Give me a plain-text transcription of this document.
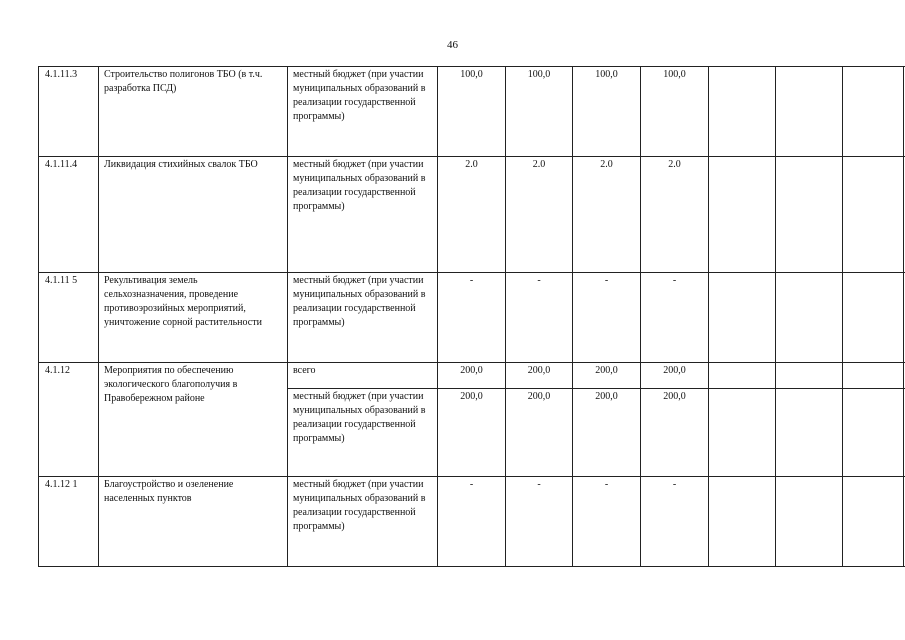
46
4.1.11.3	Строительство полигонов ТБО (в т.ч. разработка ПСД)	местный бюджет (при участии муниципальных образований в реализации государственной программы)	100,0	100,0	100,0	100,0				
4.1.11.4	Ликвидация стихийных свалок ТБО	местный бюджет (при участии муниципальных образований в реализации государственной программы)	2.0	2.0	2.0	2.0				
4.1.11 5	Рекультивация земель сельхозназначения, проведение противоэрозийных мероприятий, уничтожение сорной растительности	местный бюджет (при участии муниципальных образований в реализации государственной программы)	-	-	-	-				
4.1.12	Мероприятия по обеспечению экологического благополучия в Правобережном районе	всего	200,0	200,0	200,0	200,0				
		местный бюджет (при участии муниципальных образований в реализации государственной программы)	200,0	200,0	200,0	200,0				
4.1.12 1	Благоустройство и озеленение населенных пунктов	местный бюджет (при участии муниципальных образований в реализации государственной программы)	-	-	-	-				
